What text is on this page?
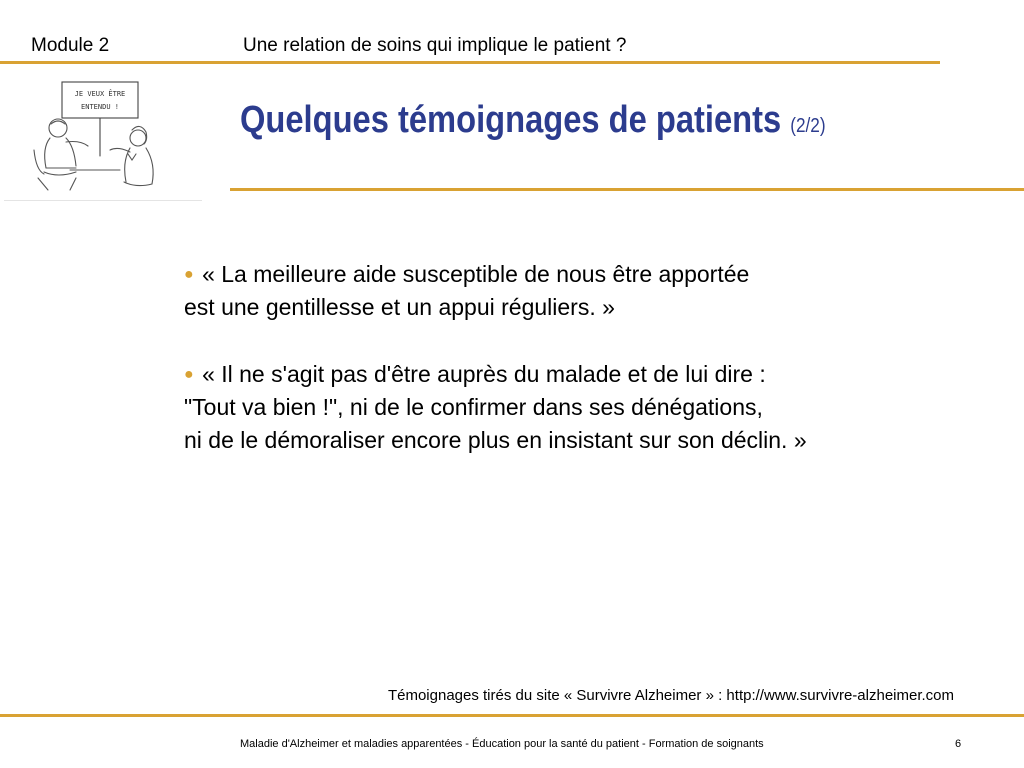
Module 2	Une relation de soins qui implique le patient ?
JE VEUX ÊTRE
ENTENDU !	Quelques témoignages de patients (2/2)

● « La meilleure aide susceptible de nous être apportée
est une gentillesse et un appui réguliers. »

● « Il ne s'agit pas d'être auprès du malade et de lui dire :
"Tout va bien !", ni de le confirmer dans ses dénégations,
ni de le démoraliser encore plus en insistant sur son déclin. »

Témoignages tirés du site « Survivre Alzheimer » : http://www.survivre-alzheimer.com
Maladie d'Alzheimer et maladies apparentées - Éducation pour la santé du patient - Formation de soignants	6
